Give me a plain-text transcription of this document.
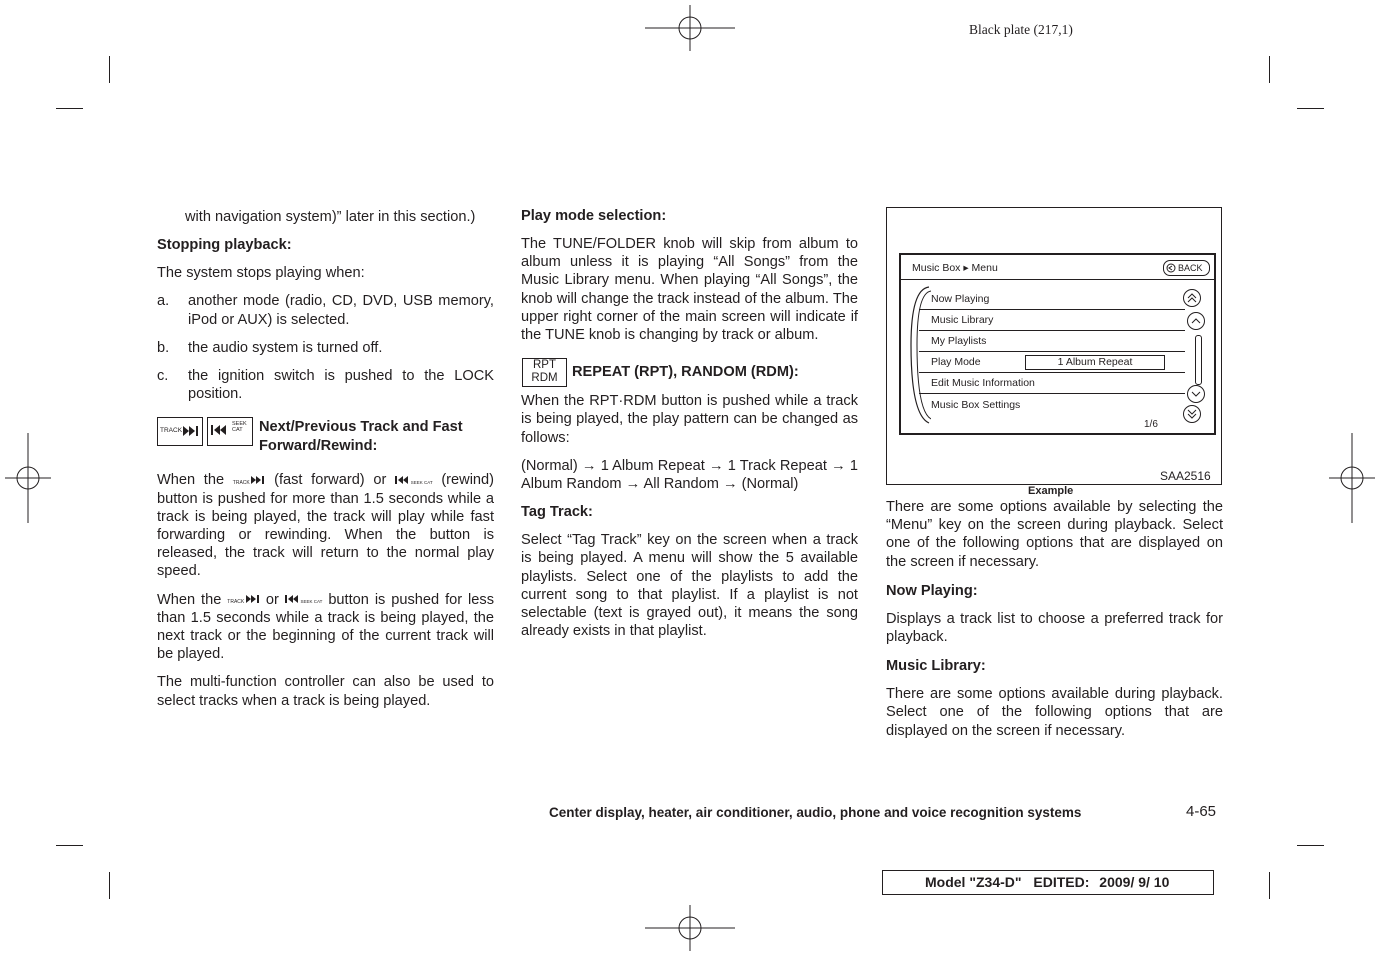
Black plate (217,1)

with navigation system)” later in this section.)

Stopping playback:

The system stops playing when:

a. another mode (radio, CD, DVD, USB memory, iPod or AUX) is selected.
b. the audio system is turned off.
c. the ignition switch is pushed to the LOCK position.
TRACK
SEEK CAT	Next/Previous Track and Fast Forward/Rewind:

When the TRACK (fast forward) or	SEEK CAT (rewind) button is pushed for more than 1.5 seconds while a track is being played, the track will play while fast forwarding or rewinding. When the button is released, the track will return to the normal play speed.

When the TRACK or	SEEK CAT button is pushed for less than 1.5 seconds while a track is being played, the next track or the beginning of the current track will be played.

The multi-function controller can also be used to select tracks when a track is being played.

Play mode selection:

The TUNE/FOLDER knob will skip from album to album unless it is playing “All Songs” from the Music Library menu. When playing “All Songs”, the knob will change the track instead of the album. The upper right corner of the main screen will indicate if the TUNE knob is changing by track or album.

RPT
RDM REPEAT (RPT), RANDOM (RDM):

When the RPT·RDM button is pushed while a track is being played, the play pattern can be changed as follows:

(Normal) → 1 Album Repeat → 1 Track Repeat → 1 Album Random → All Random → (Normal)

Tag Track:

Select “Tag Track” key on the screen when a track is being played. A menu will show the 5 available playlists. Select one of the playlists to add the current song to that playlist. If a playlist is not selectable (text is grayed out), it means the song already exists in that playlist.

Music Box ▸ Menu	BACK
Now Playing
Music Library
My Playlists
Play Mode	1 Album Repeat
Edit Music Information
Music Box Settings
1/6
SAA2516
Example

There are some options available by selecting the “Menu” key on the screen during playback. Select one of the following options that are displayed on the screen if necessary.

Now Playing:

Displays a track list to choose a preferred track for playback.

Music Library:

There are some options available during playback. Select one of the following options that are displayed on the screen if necessary.

Center display, heater, air conditioner, audio, phone and voice recognition systems	4-65
Model "Z34-D" EDITED: 2009/ 9/ 10
